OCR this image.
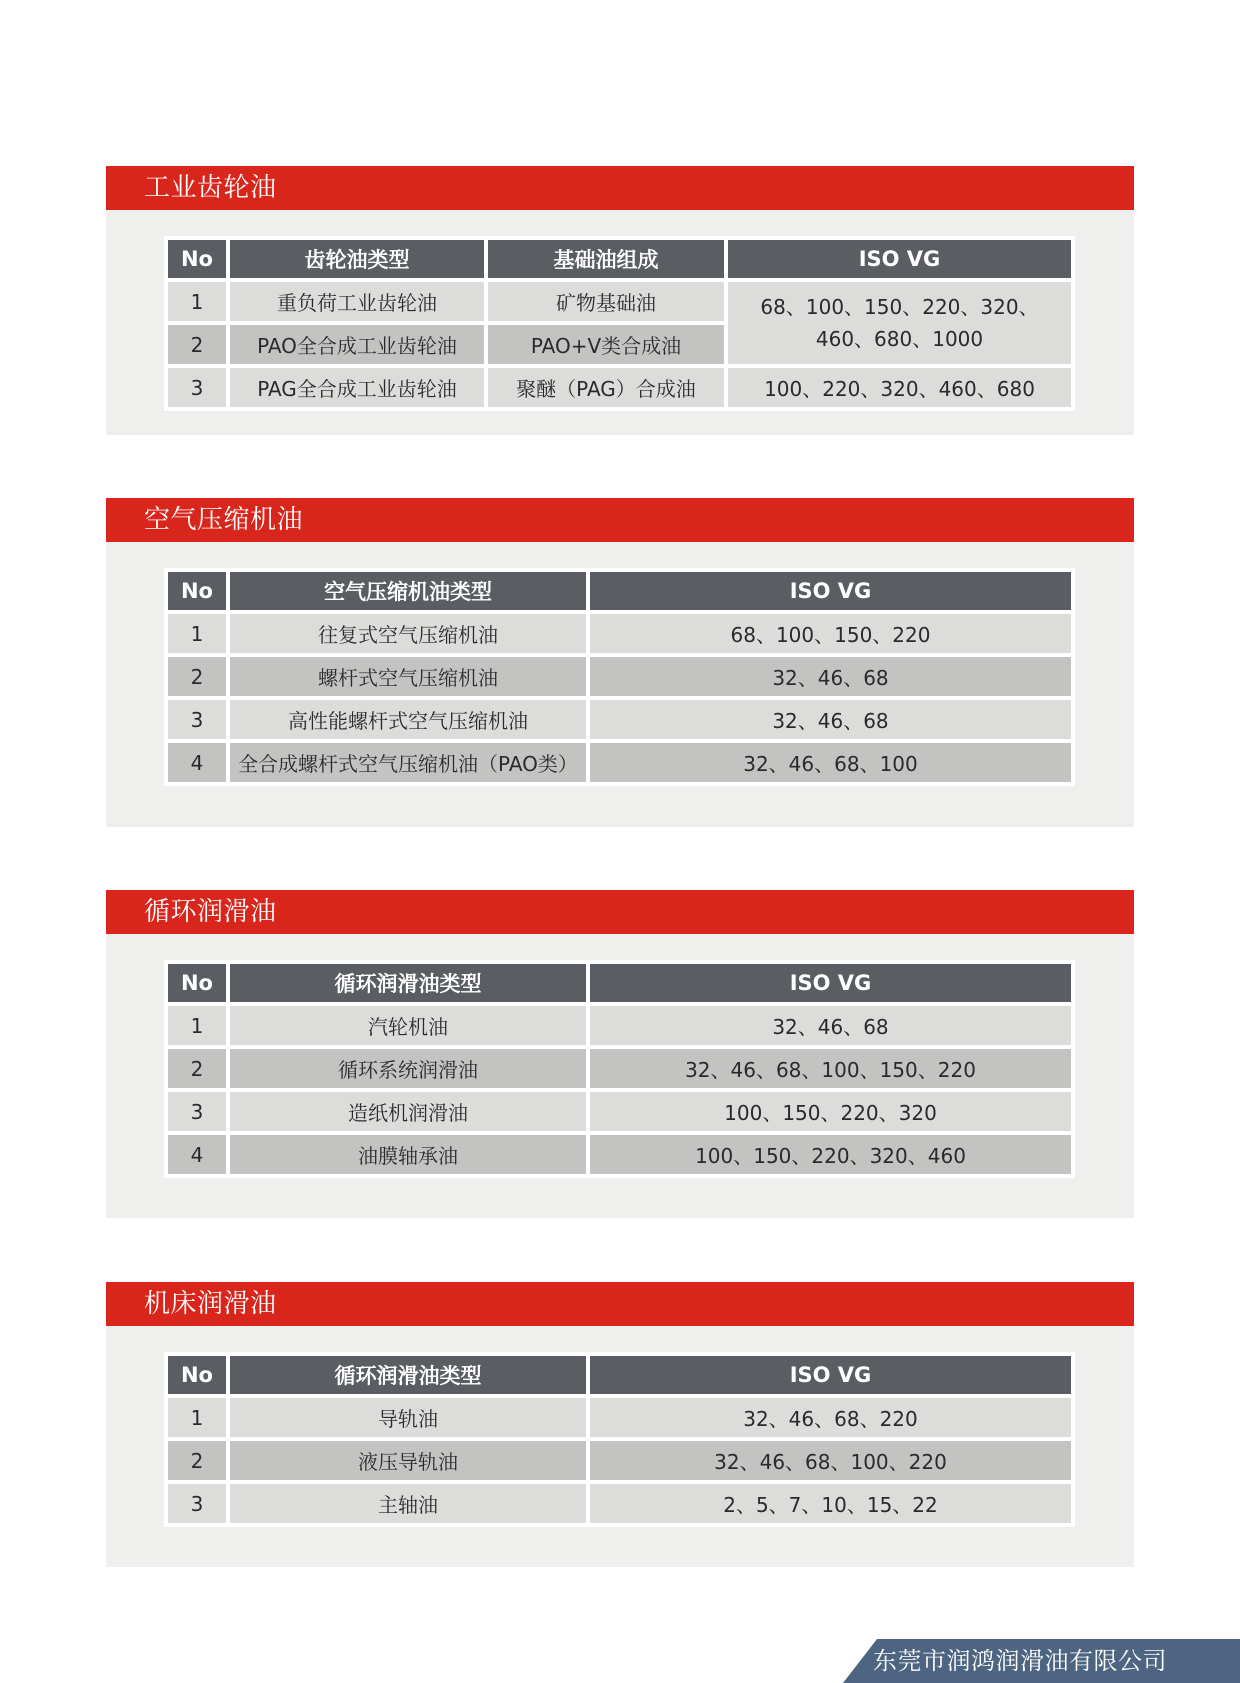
工业齿轮油
No	齿轮油类型	基础油组成	ISO VG
1	重负荷工业齿轮油	矿物基础油	68、100、150、220、320、
460、680、1000

2	PAO全合成工业齿轮油	PAO+V类合成油	
3	PAG全合成工业齿轮油	聚醚（PAG）合成油	100、220、320、460、680
空气压缩机油
No	空气压缩机油类型	ISO VG
1	往复式空气压缩机油	68、100、150、220
2	螺杆式空气压缩机油	32、46、68
3	高性能螺杆式空气压缩机油	32、46、68
4	全合成螺杆式空气压缩机油（PAO类）	32、46、68、100
循环润滑油
No	循环润滑油类型	ISO VG
1	汽轮机油	32、46、68
2	循环系统润滑油	32、46、68、100、150、220
3	造纸机润滑油	100、150、220、320
4	油膜轴承油	100、150、220、320、460
机床润滑油
No	循环润滑油类型	ISO VG
1	导轨油	32、46、68、220
2	液压导轨油	32、46、68、100、220
3	主轴油	2、5、7、10、15、22
东莞市润鸿润滑油有限公司
